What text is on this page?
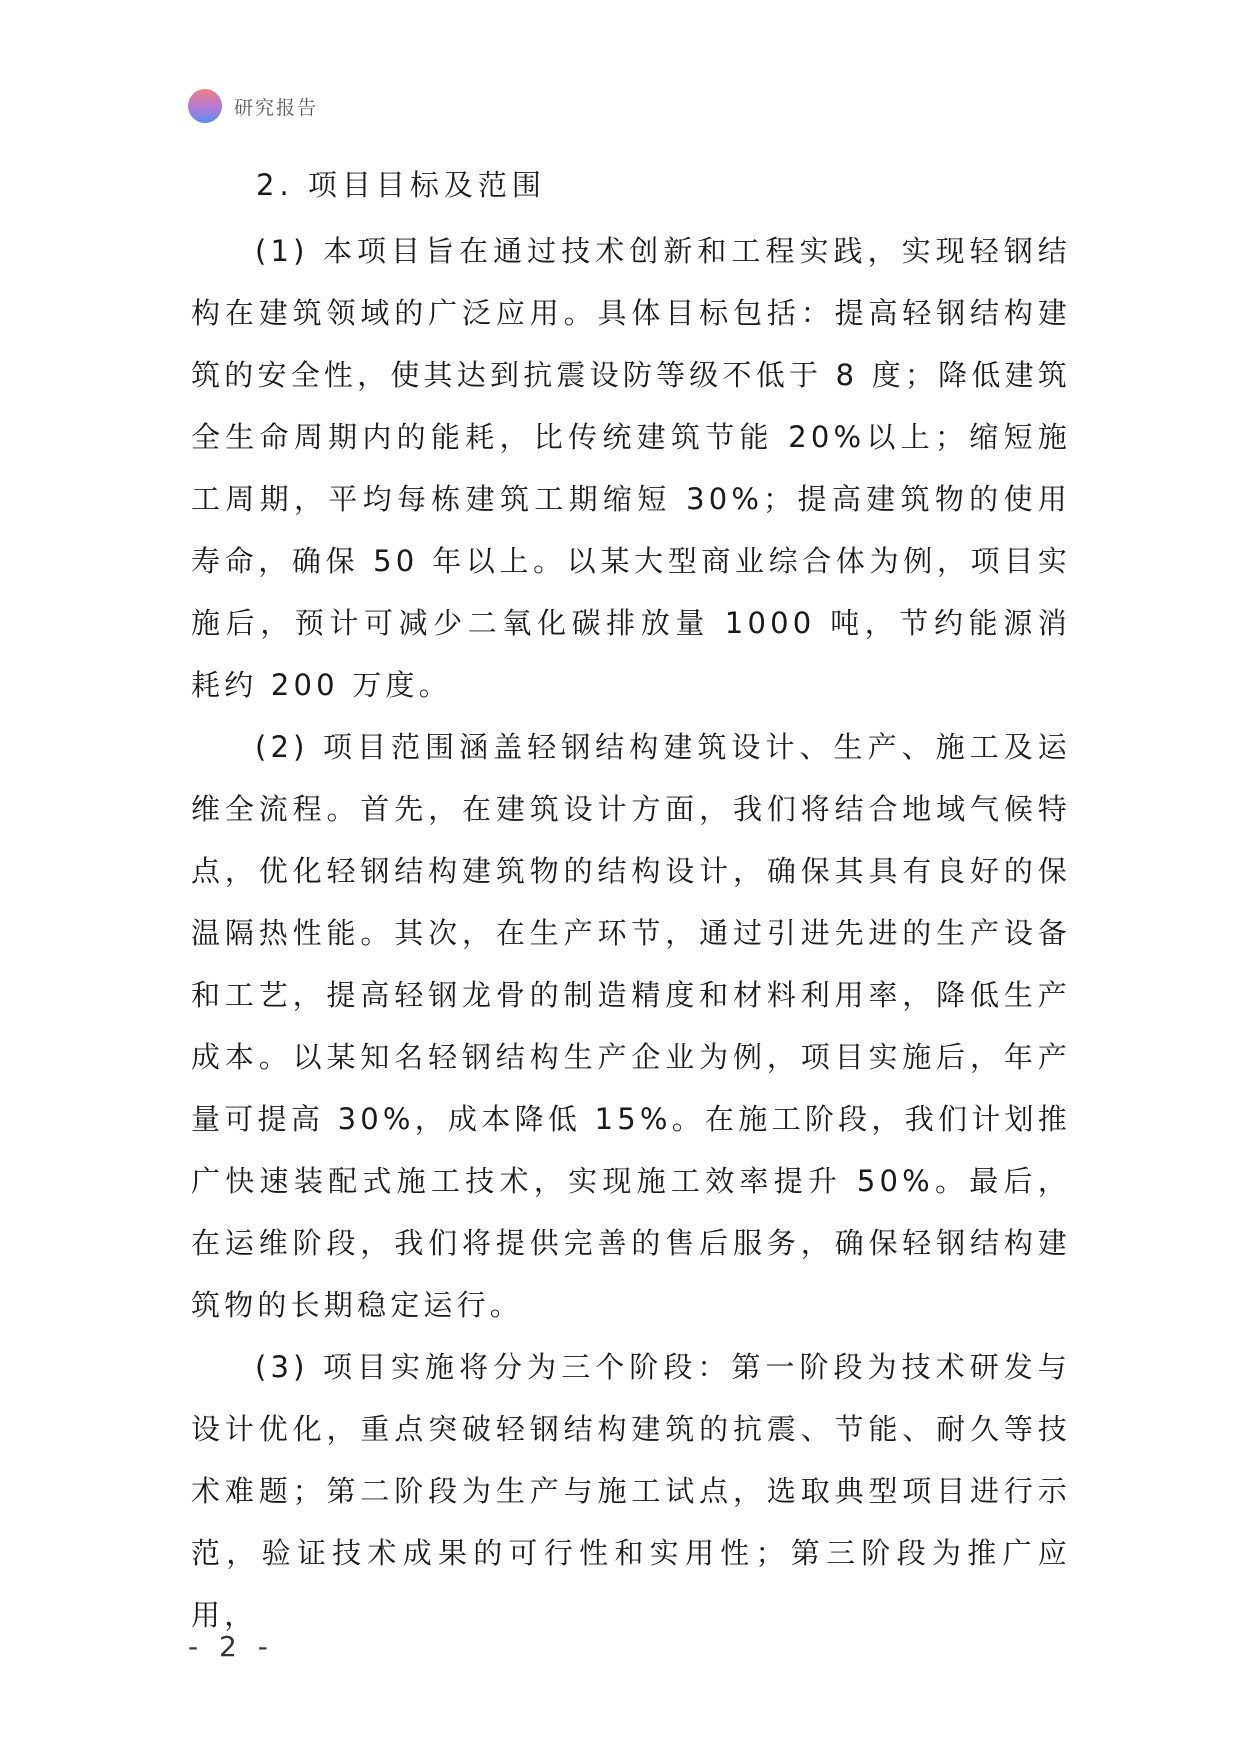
研究报告
2. 项目目标及范围

(1) 本项目旨在通过技术创新和工程实践，实现轻钢结构在建筑领域的广泛应用。具体目标包括：提高轻钢结构建筑的安全性，使其达到抗震设防等级不低于 8 度；降低建筑全生命周期内的能耗，比传统建筑节能 20%以上；缩短施工周期，平均每栋建筑工期缩短 30%；提高建筑物的使用寿命，确保 50 年以上。以某大型商业综合体为例，项目实施后，预计可减少二氧化碳排放量 1000 吨，节约能源消耗约 200 万度。

(2) 项目范围涵盖轻钢结构建筑设计、生产、施工及运维全流程。首先，在建筑设计方面，我们将结合地域气候特点，优化轻钢结构建筑物的结构设计，确保其具有良好的保温隔热性能。其次，在生产环节，通过引进先进的生产设备和工艺，提高轻钢龙骨的制造精度和材料利用率，降低生产成本。以某知名轻钢结构生产企业为例，项目实施后，年产量可提高 30%，成本降低 15%。在施工阶段，我们计划推广快速装配式施工技术，实现施工效率提升 50%。最后，在运维阶段，我们将提供完善的售后服务，确保轻钢结构建筑物的长期稳定运行。

(3) 项目实施将分为三个阶段：第一阶段为技术研发与设计优化，重点突破轻钢结构建筑的抗震、节能、耐久等技术难题；第二阶段为生产与施工试点，选取典型项目进行示范，验证技术成果的可行性和实用性；第三阶段为推广应用，

- 2 -
